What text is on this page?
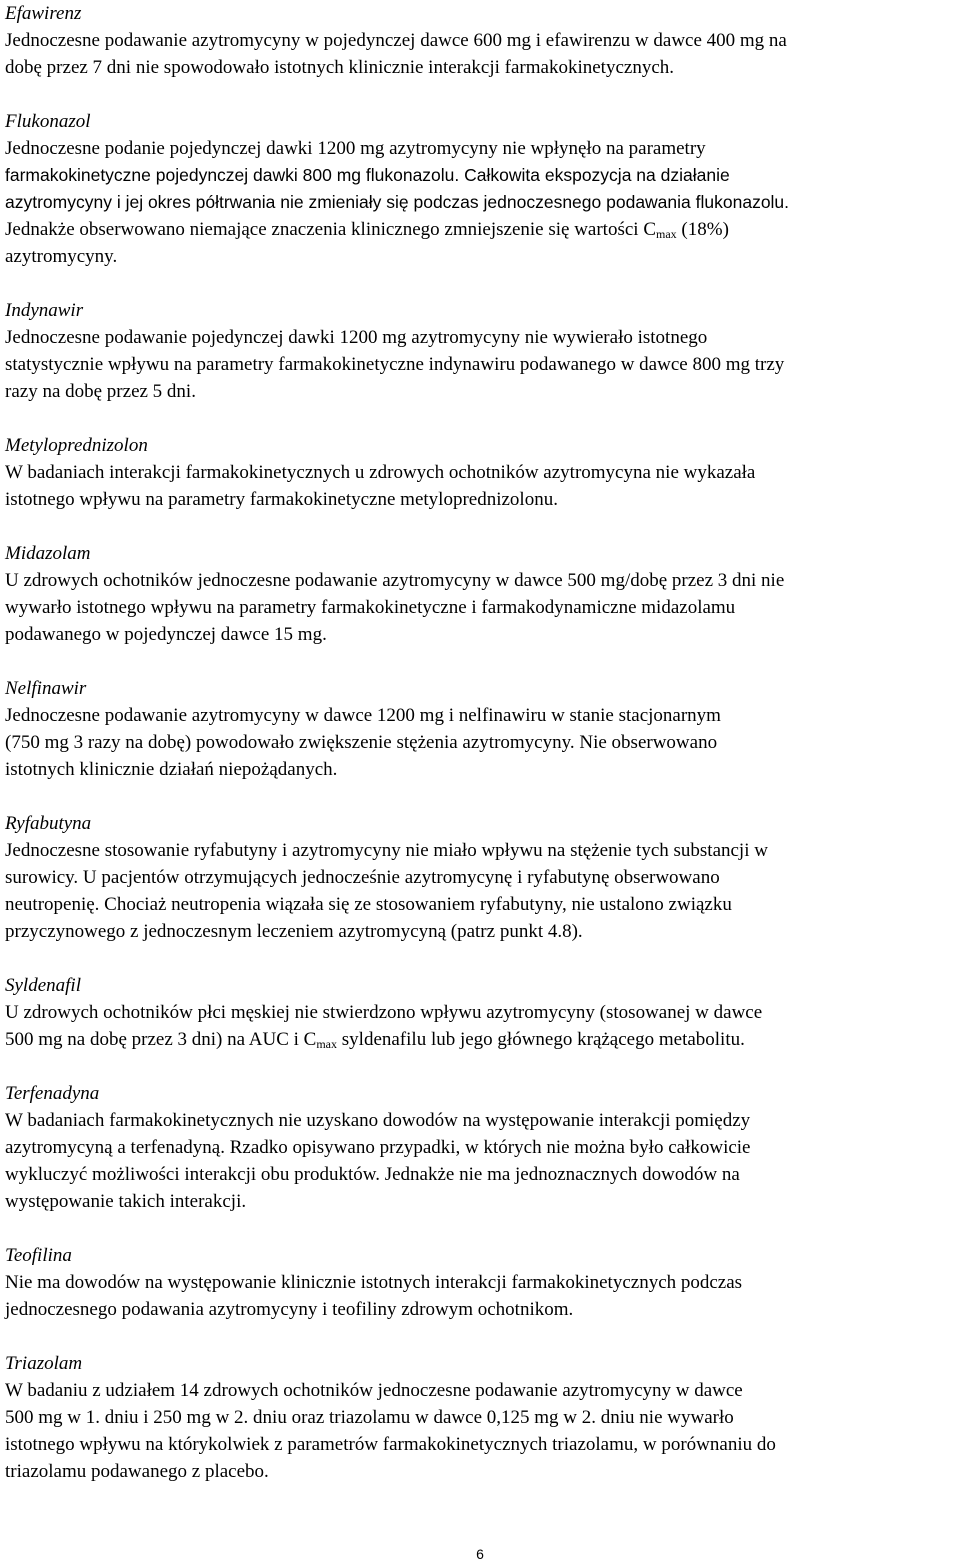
Efawirenz
Jednoczesne podawanie azytromycyny w pojedynczej dawce 600 mg i efawirenzu w dawce 400 mg na
dobę przez 7 dni nie spowodowało istotnych klinicznie interakcji farmakokinetycznych.
Flukonazol
Jednoczesne podanie pojedynczej dawki 1200 mg azytromycyny nie wpłynęło na parametry
farmakokinetyczne pojedynczej dawki 800 mg flukonazolu. Całkowita ekspozycja na działanie
azytromycyny i jej okres półtrwania nie zmieniały się podczas jednoczesnego podawania flukonazolu.
Jednakże obserwowano niemające znaczenia klinicznego zmniejszenie się wartości $C_{max}$ (18%)
azytromycyny.
Indynawir
Jednoczesne podawanie pojedynczej dawki 1200 mg azytromycyny nie wywierało istotnego
statystycznie wpływu na parametry farmakokinetyczne indynawiru podawanego w dawce 800 mg trzy
razy na dobę przez 5 dni.
Metyloprednizolon
W badaniach interakcji farmakokinetycznych u zdrowych ochotników azytromycyna nie wykazała
istotnego wpływu na parametry farmakokinetyczne metyloprednizolonu.
Midazolam
U zdrowych ochotników jednoczesne podawanie azytromycyny w dawce 500 mg/dobę przez 3 dni nie
wywarło istotnego wpływu na parametry farmakokinetyczne i farmakodynamiczne midazolamu
podawanego w pojedynczej dawce 15 mg.
Nelfinawir
Jednoczesne podawanie azytromycyny w dawce 1200 mg i nelfinawiru w stanie stacjonarnym
(750 mg 3 razy na dobę) powodowało zwiększenie stężenia azytromycyny. Nie obserwowano
istotnych klinicznie działań niepożądanych.
Ryfabutyna
Jednoczesne stosowanie ryfabutyny i azytromycyny nie miało wpływu na stężenie tych substancji w
surowicy. U pacjentów otrzymujących jednocześnie azytromycynę i ryfabutynę obserwowano
neutropenię. Chociaż neutropenia wiązała się ze stosowaniem ryfabutyny, nie ustalono związku
przyczynowego z jednoczesnym leczeniem azytromycyną (patrz punkt 4.8).
Syldenafil
U zdrowych ochotników płci męskiej nie stwierdzono wpływu azytromycyny (stosowanej w dawce
500 mg na dobę przez 3 dni) na AUC i $C_{max}$ syldenafilu lub jego głównego krążącego metabolitu.
Terfenadyna
W badaniach farmakokinetycznych nie uzyskano dowodów na występowanie interakcji pomiędzy
azytromycyną a terfenadyną. Rzadko opisywano przypadki, w których nie można było całkowicie
wykluczyć możliwości interakcji obu produktów. Jednakże nie ma jednoznacznych dowodów na
występowanie takich interakcji.
Teofilina
Nie ma dowodów na występowanie klinicznie istotnych interakcji farmakokinetycznych podczas
jednoczesnego podawania azytromycyny i teofiliny zdrowym ochotnikom.
Triazolam
W badaniu z udziałem 14 zdrowych ochotników jednoczesne podawanie azytromycyny w dawce
500 mg w 1. dniu i 250 mg w 2. dniu oraz triazolamu w dawce 0,125 mg w 2. dniu nie wywarło
istotnego wpływu na którykolwiek z parametrów farmakokinetycznych triazolamu, w porównaniu do
triazolamu podawanego z placebo.
6
